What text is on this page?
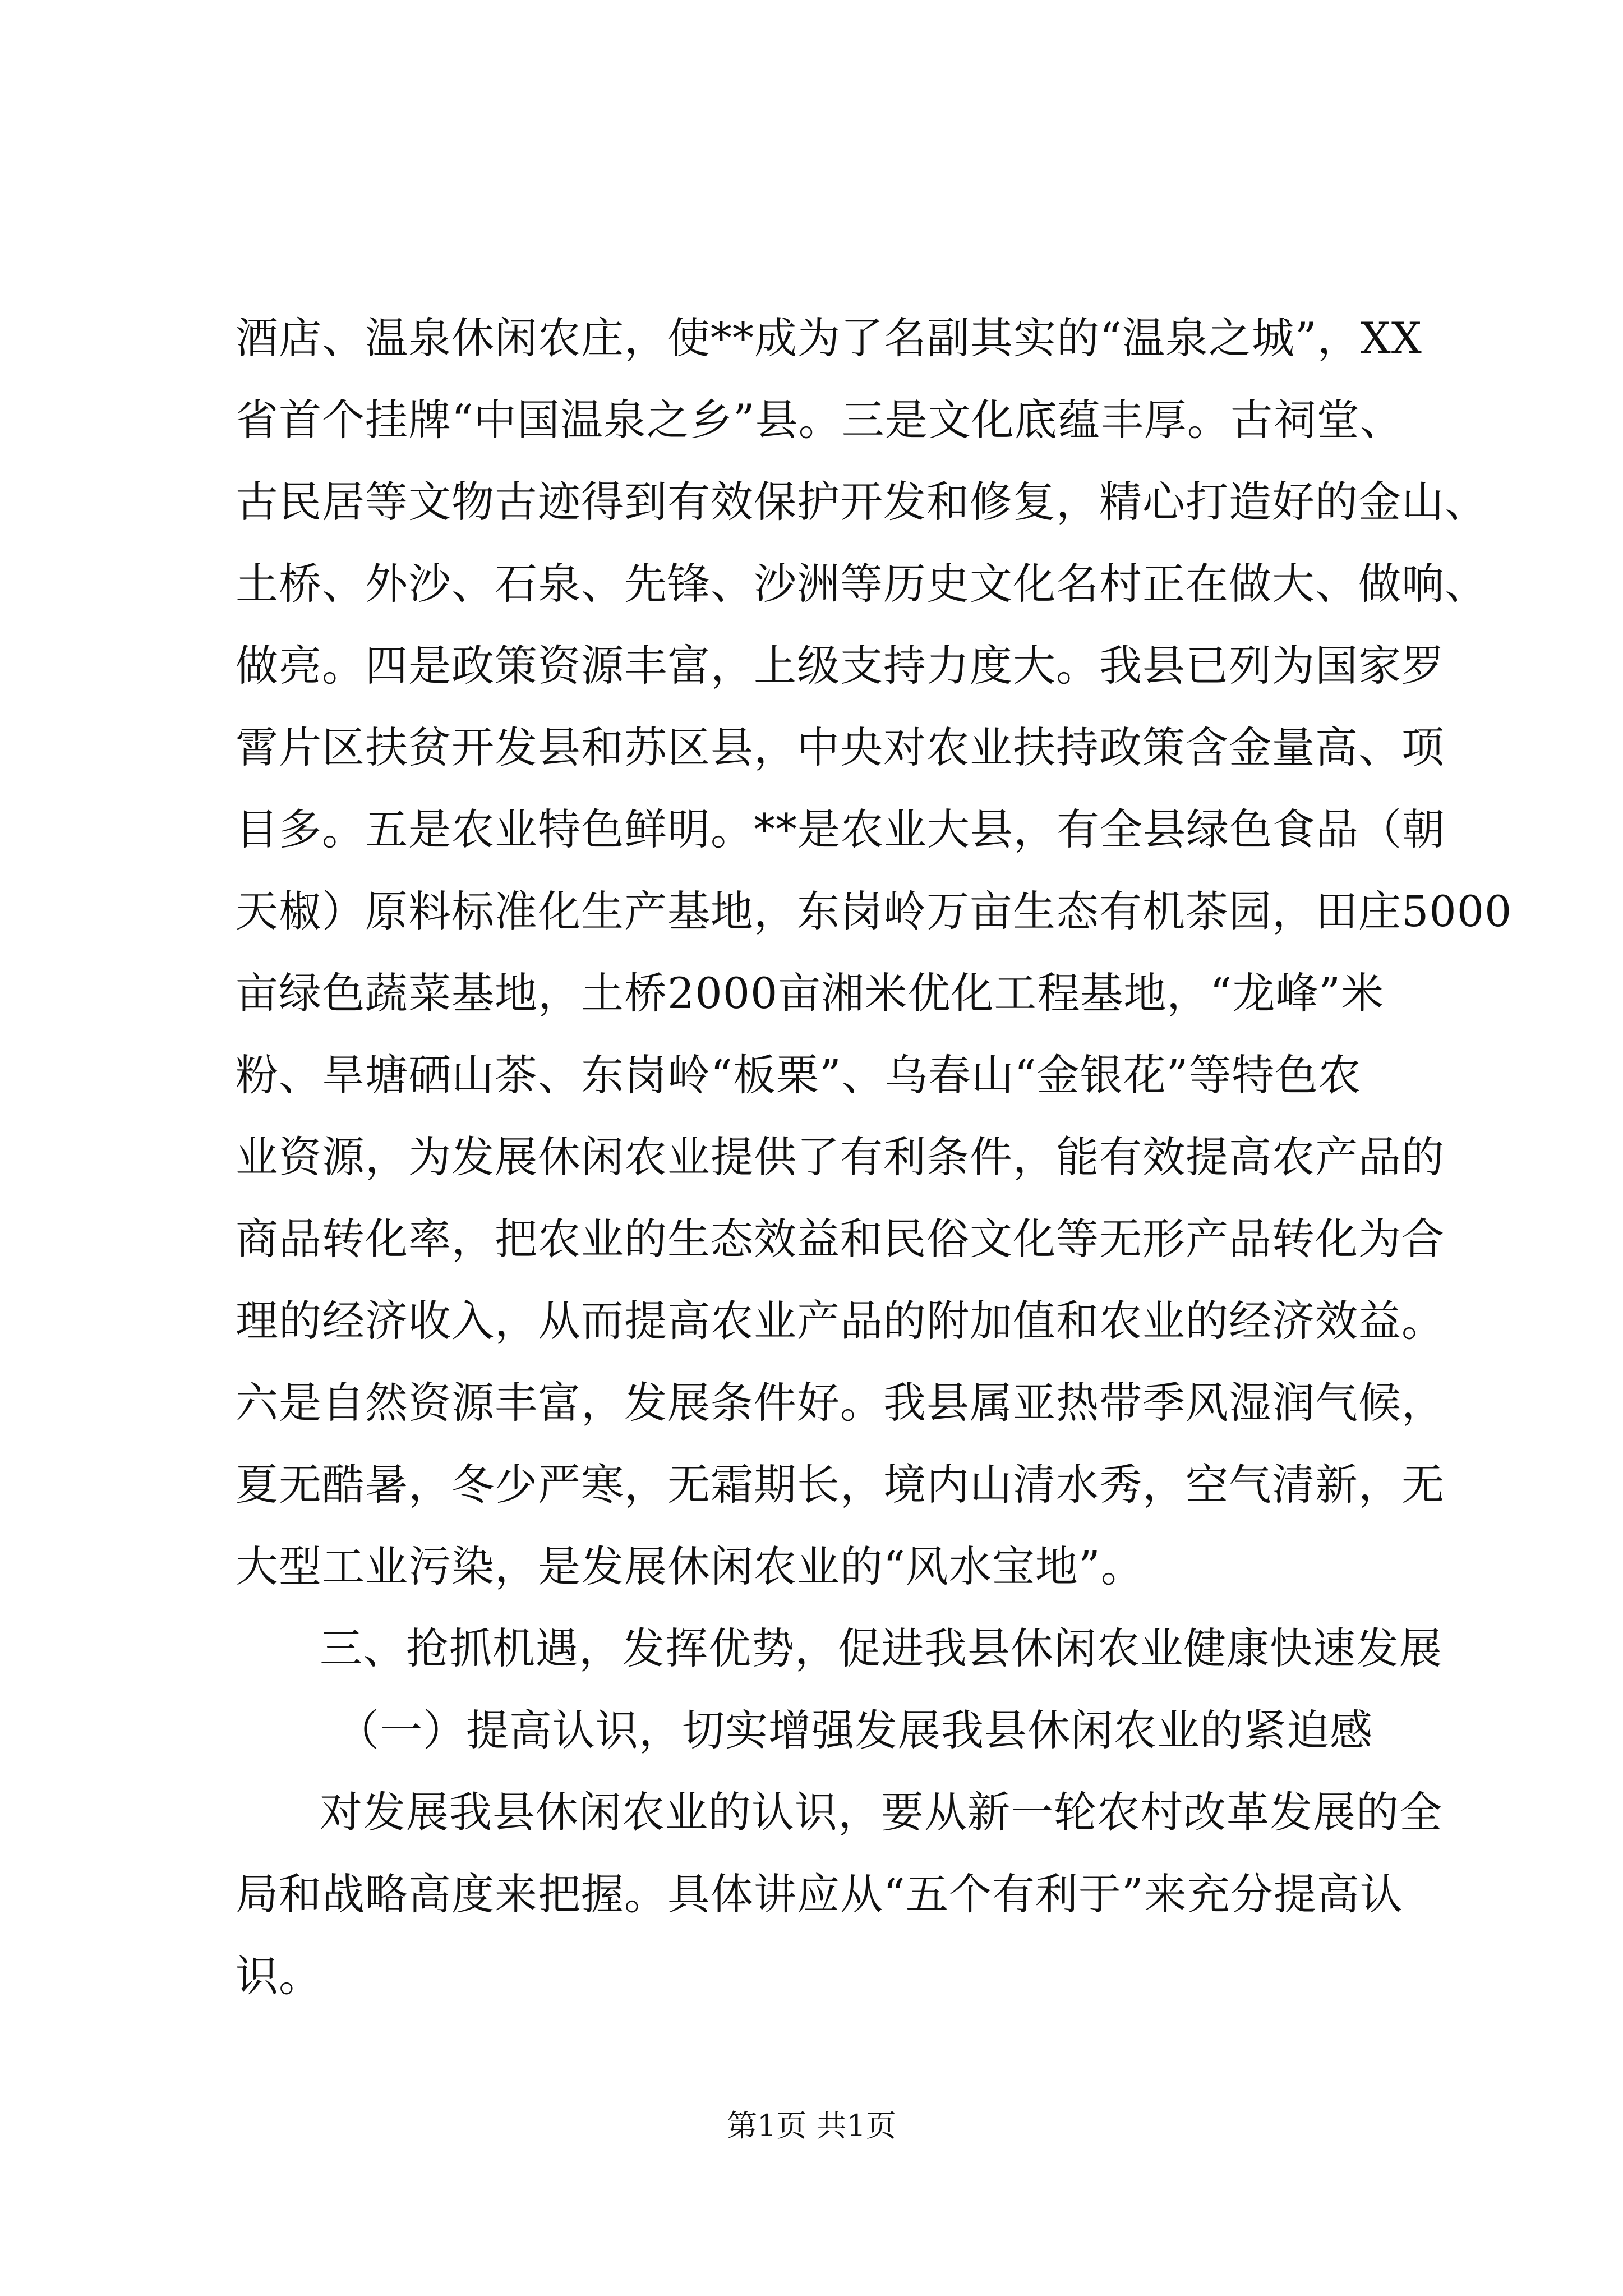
酒店、温泉休闲农庄，使**成为了名副其实的“温泉之城”，XX
省首个挂牌“中国温泉之乡”县。三是文化底蕴丰厚。古祠堂、
古民居等文物古迹得到有效保护开发和修复，精心打造好的金山、
土桥、外沙、石泉、先锋、沙洲等历史文化名村正在做大、做响、
做亮。四是政策资源丰富，上级支持力度大。我县已列为国家罗
霄片区扶贫开发县和苏区县，中央对农业扶持政策含金量高、项
目多。五是农业特色鲜明。**是农业大县，有全县绿色食品（朝
天椒）原料标准化生产基地，东岗岭万亩生态有机茶园，田庄5000
亩绿色蔬菜基地，土桥2000亩湘米优化工程基地，“龙峰”米
粉、旱塘硒山茶、东岗岭“板栗”、乌春山“金银花”等特色农
业资源，为发展休闲农业提供了有利条件，能有效提高农产品的
商品转化率，把农业的生态效益和民俗文化等无形产品转化为合
理的经济收入，从而提高农业产品的附加值和农业的经济效益。
六是自然资源丰富，发展条件好。我县属亚热带季风湿润气候，
夏无酷暑，冬少严寒，无霜期长，境内山清水秀，空气清新，无
大型工业污染，是发展休闲农业的“风水宝地”。
三、抢抓机遇，发挥优势，促进我县休闲农业健康快速发展
（一）提高认识，切实增强发展我县休闲农业的紧迫感
对发展我县休闲农业的认识，要从新一轮农村改革发展的全
局和战略高度来把握。具体讲应从“五个有利于”来充分提高认
识。
第1页 共1页
